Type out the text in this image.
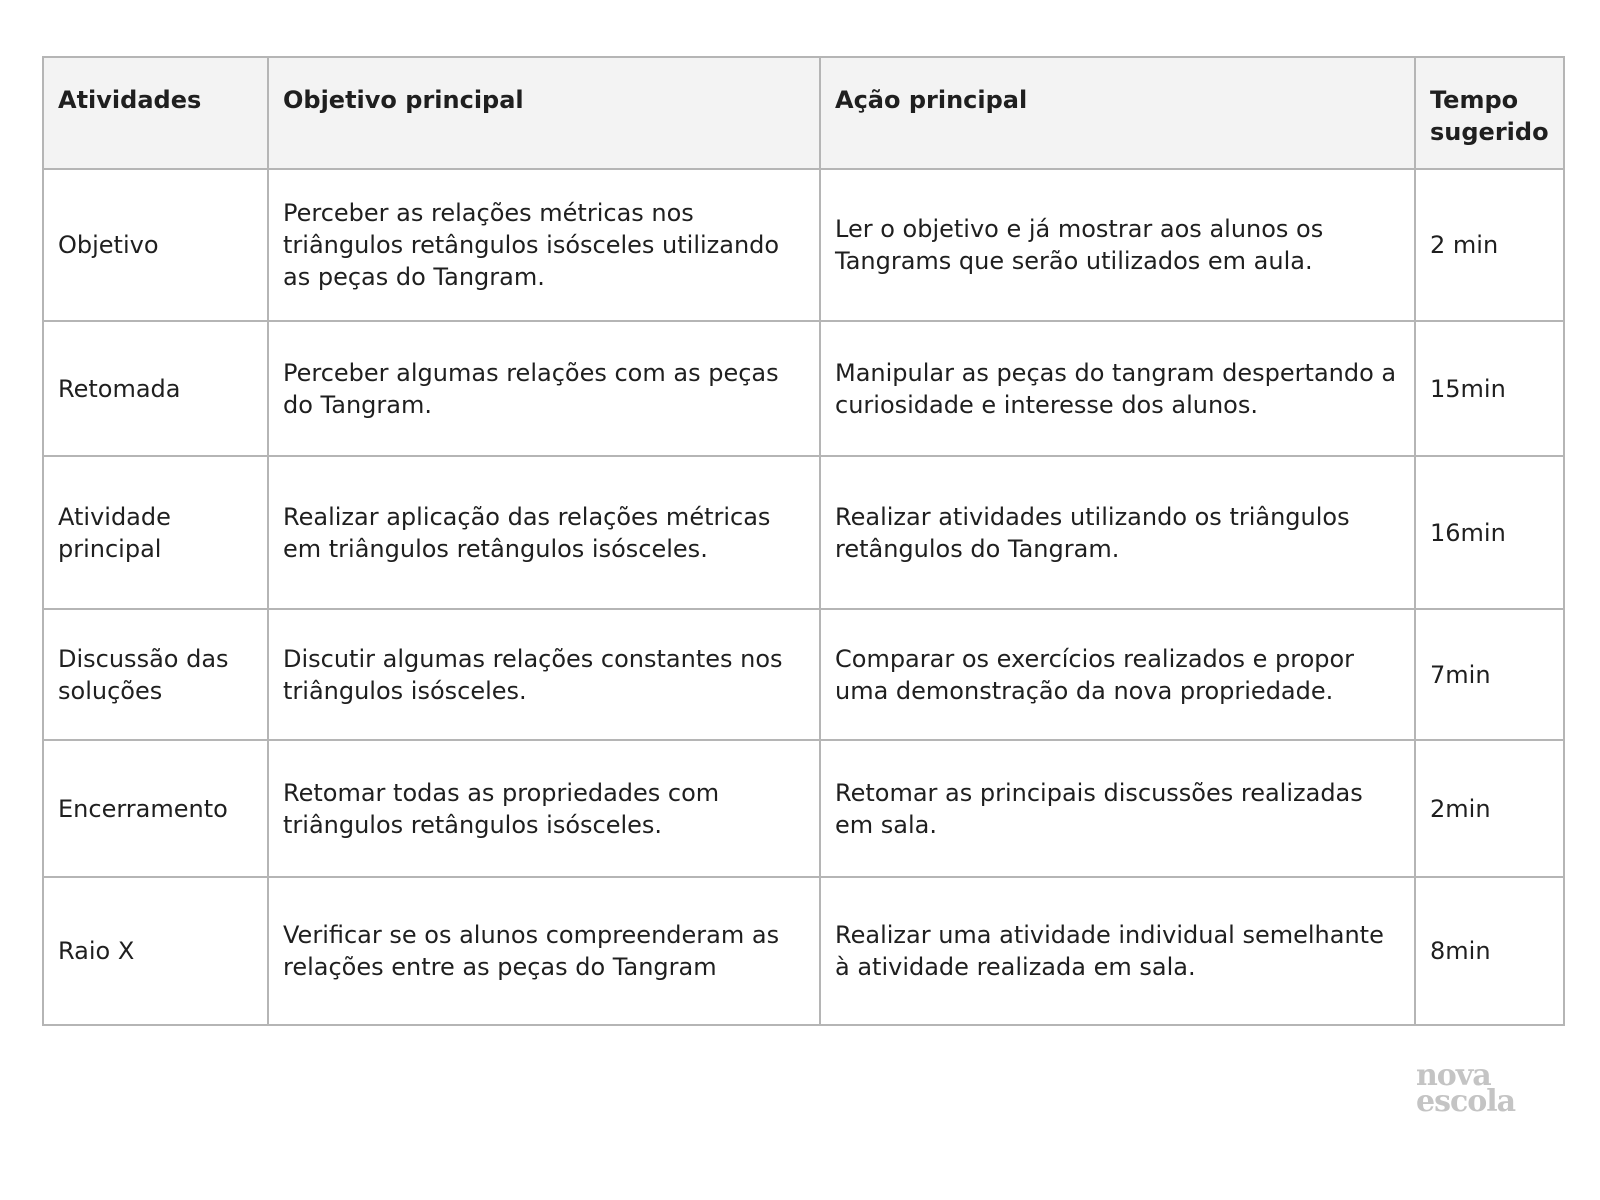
Atividades	Objetivo principal	Ação principal	Tempo sugerido
Objetivo	Perceber as relações métricas nos triângulos retângulos isósceles utilizando as peças do Tangram.	Ler o objetivo e já mostrar aos alunos os Tangrams que serão utilizados em aula.	2 min
Retomada	Perceber algumas relações com as peças do Tangram.	Manipular as peças do tangram despertando a curiosidade e interesse dos alunos.	15min
Atividade principal	Realizar aplicação das relações métricas em triângulos retângulos isósceles.	Realizar atividades utilizando os triângulos retângulos do Tangram.	16min
Discussão das soluções	Discutir algumas relações constantes nos triângulos isósceles.	Comparar os exercícios realizados e propor uma demonstração da nova propriedade.	7min
Encerramento	Retomar todas as propriedades com triângulos retângulos isósceles.	Retomar as principais discussões realizadas em sala.	2min
Raio X	Verificar se os alunos compreenderam as relações entre as peças do Tangram	Realizar uma atividade individual semelhante à atividade realizada em sala.	8min
nova
escola
